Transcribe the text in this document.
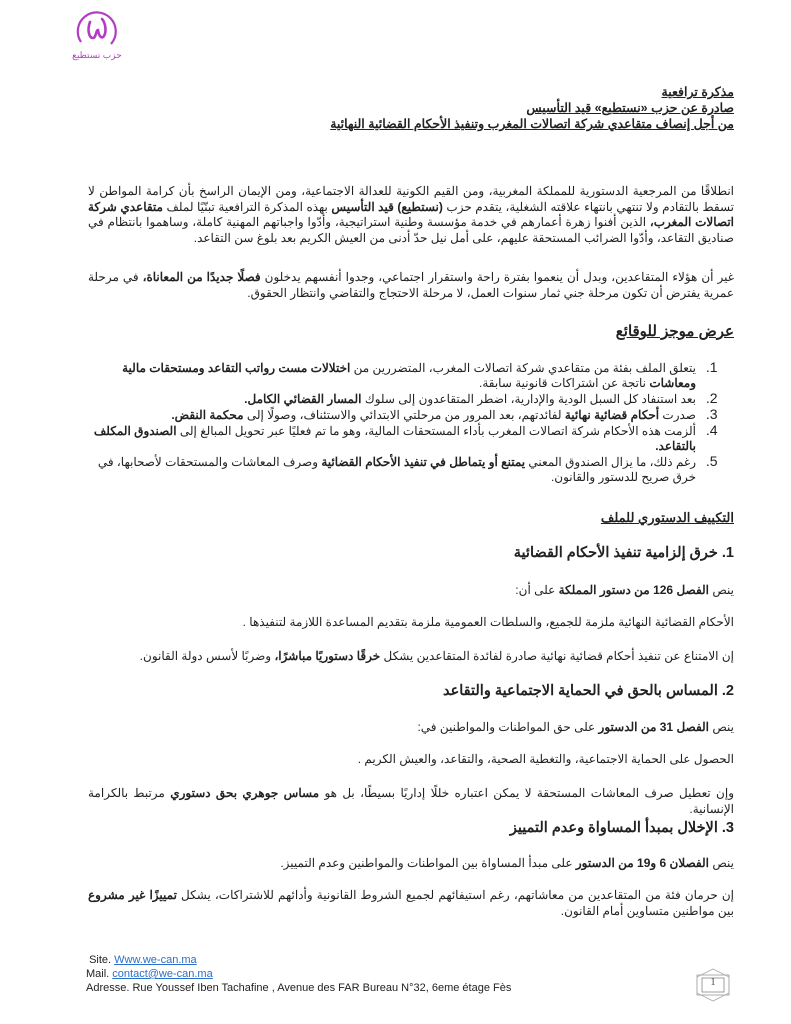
حزب نستطيع
مذكرة ترافعية
صادرة عن حزب «نستطيع» قيد التأسيس
من أجل إنصاف متقاعدي شركة اتصالات المغرب وتنفيذ الأحكام القضائية النهائية
انطلاقًا من المرجعية الدستورية للمملكة المغربية، ومن القيم الكونية للعدالة الاجتماعية، ومن الإيمان الراسخ بأن كرامة المواطن لا تسقط بالتقادم ولا تنتهي بانتهاء علاقته الشغلية، يتقدم حزب (نستطيع) قيد التأسيس بهذه المذكرة الترافعية تبنّيًا لملف متقاعدي شركة اتصالات المغرب، الذين أفنوا زهرة أعمارهم في خدمة مؤسسة وطنية استراتيجية، وأدّوا واجباتهم المهنية كاملة، وساهموا بانتظام في صناديق التقاعد، وأدّوا الضرائب المستحقة عليهم، على أمل نيل حدّ أدنى من العيش الكريم بعد بلوغ سن التقاعد.
غير أن هؤلاء المتقاعدين، وبدل أن ينعموا بفترة راحة واستقرار اجتماعي، وجدوا أنفسهم يدخلون فصلًا جديدًا من المعاناة، في مرحلة عمرية يفترض أن تكون مرحلة جني ثمار سنوات العمل، لا مرحلة الاحتجاج والتقاضي وانتظار الحقوق.
عرض موجز للوقائع
1. يتعلق الملف بفئة من متقاعدي شركة اتصالات المغرب، المتضررين من اختلالات مست رواتب التقاعد ومستحقات مالية ومعاشات ناتجة عن اشتراكات قانونية سابقة.
2. بعد استنفاد كل السبل الودية والإدارية، اضطر المتقاعدون إلى سلوك المسار القضائي الكامل.
3. صدرت أحكام قضائية نهائية لفائدتهم، بعد المرور من مرحلتي الابتدائي والاستئناف، وصولًا إلى محكمة النقض.
4. ألزمت هذه الأحكام شركة اتصالات المغرب بأداء المستحقات المالية، وهو ما تم فعليًا عبر تحويل المبالغ إلى الصندوق المكلف بالتقاعد.
5. رغم ذلك، ما يزال الصندوق المعني يمتنع أو يتماطل في تنفيذ الأحكام القضائية وصرف المعاشات والمستحقات لأصحابها، في خرق صريح للدستور والقانون.
التكييف الدستوري للملف
1. خرق إلزامية تنفيذ الأحكام القضائية
ينص الفصل 126 من دستور المملكة على أن:
الأحكام القضائية النهائية ملزمة للجميع، والسلطات العمومية ملزمة بتقديم المساعدة اللازمة لتنفيذها .
إن الامتناع عن تنفيذ أحكام قضائية نهائية صادرة لفائدة المتقاعدين يشكل خرقًا دستوريًا مباشرًا، وضربًا لأسس دولة القانون.
2. المساس بالحق في الحماية الاجتماعية والتقاعد
ينص الفصل 31 من الدستور على حق المواطنات والمواطنين في:
الحصول على الحماية الاجتماعية، والتغطية الصحية، والتقاعد، والعيش الكريم .
وإن تعطيل صرف المعاشات المستحقة لا يمكن اعتباره خللًا إداريًا بسيطًا، بل هو مساس جوهري بحق دستوري مرتبط بالكرامة الإنسانية.
3. الإخلال بمبدأ المساواة وعدم التمييز
ينص الفصلان 6 و19 من الدستور على مبدأ المساواة بين المواطنات والمواطنين وعدم التمييز.
إن حرمان فئة من المتقاعدين من معاشاتهم، رغم استيفائهم لجميع الشروط القانونية وأدائهم للاشتراكات، يشكل تمييزًا غير مشروع بين مواطنين متساوين أمام القانون.
Site. Www.we-can.ma
Mail. contact@we-can.ma
Adresse. Rue Youssef Iben Tachafine , Avenue des FAR Bureau N°32, 6eme étage Fès	1
